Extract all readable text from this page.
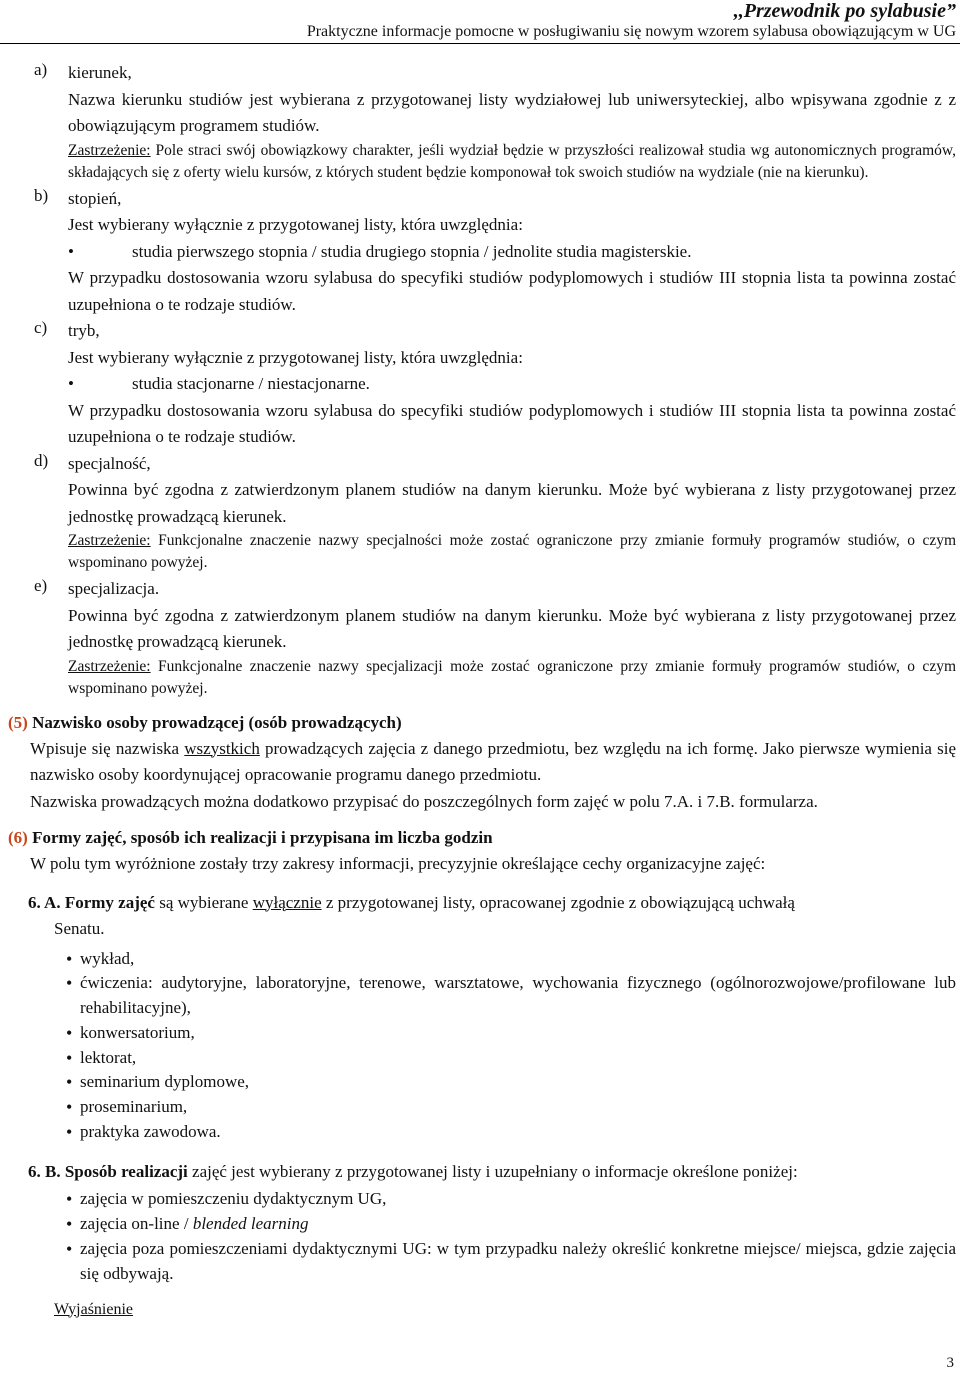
,,Przewodnik po sylabusie”
Praktyczne informacje pomocne w posługiwaniu się nowym wzorem sylabusa obowiązującym w UG
a) kierunek,

Nazwa kierunku studiów jest wybierana z przygotowanej listy wydziałowej lub uniwersyteckiej, albo wpisywana zgodnie z z obowiązującym programem studiów.

Zastrzeżenie: Pole straci swój obowiązkowy charakter, jeśli wydział będzie w przyszłości realizował studia wg autonomicznych programów, składających się z oferty wielu kursów, z których student będzie komponował tok swoich studiów na wydziale (nie na kierunku).

b) stopień,

Jest wybierany wyłącznie z przygotowanej listy, która uwzględnia:

•	studia pierwszego stopnia / studia drugiego stopnia / jednolite studia magisterskie.

W przypadku dostosowania wzoru sylabusa do specyfiki studiów podyplomowych i studiów III stopnia lista ta powinna zostać uzupełniona o te rodzaje studiów.

c) tryb,

Jest wybierany wyłącznie z przygotowanej listy, która uwzględnia:

•	studia stacjonarne / niestacjonarne.

W przypadku dostosowania wzoru sylabusa do specyfiki studiów podyplomowych i studiów III stopnia lista ta powinna zostać uzupełniona o te rodzaje studiów.

d) specjalność,

Powinna być zgodna z zatwierdzonym planem studiów na danym kierunku. Może być wybierana z listy przygotowanej przez jednostkę prowadzącą kierunek.

Zastrzeżenie: Funkcjonalne znaczenie nazwy specjalności może zostać ograniczone przy zmianie formuły programów studiów, o czym wspominano powyżej.

e) specjalizacja.

Powinna być zgodna z zatwierdzonym planem studiów na danym kierunku. Może być wybierana z listy przygotowanej przez jednostkę prowadzącą kierunek.

Zastrzeżenie: Funkcjonalne znaczenie nazwy specjalizacji może zostać ograniczone przy zmianie formuły programów studiów, o czym wspominano powyżej.

(5) Nazwisko osoby prowadzącej (osób prowadzących)

Wpisuje się nazwiska wszystkich prowadzących zajęcia z danego przedmiotu, bez względu na ich formę. Jako pierwsze wymienia się nazwisko osoby koordynującej opracowanie programu danego przedmiotu.

Nazwiska prowadzących można dodatkowo przypisać do poszczególnych form zajęć w polu 7.A. i 7.B. formularza.

(6) Formy zajęć, sposób ich realizacji i przypisana im liczba godzin

W polu tym wyróżnione zostały trzy zakresy informacji, precyzyjnie określające cechy organizacyjne zajęć:

6. A. Formy zajęć są wybierane wyłącznie z przygotowanej listy, opracowanej zgodnie z obowiązującą uchwałą

Senatu.

• wykład,
• ćwiczenia: audytoryjne, laboratoryjne, terenowe, warsztatowe, wychowania fizycznego (ogólnorozwojowe/profilowane lub rehabilitacyjne),
• konwersatorium,
• lektorat,
• seminarium dyplomowe,
• proseminarium,
• praktyka zawodowa.

6. B. Sposób realizacji zajęć jest wybierany z przygotowanej listy i uzupełniany o informacje określone poniżej:

• zajęcia w pomieszczeniu dydaktycznym UG,
• zajęcia on-line / blended learning
• zajęcia poza pomieszczeniami dydaktycznymi UG: w tym przypadku należy określić konkretne miejsce/ miejsca, gdzie zajęcia się odbywają.

Wyjaśnienie

3
